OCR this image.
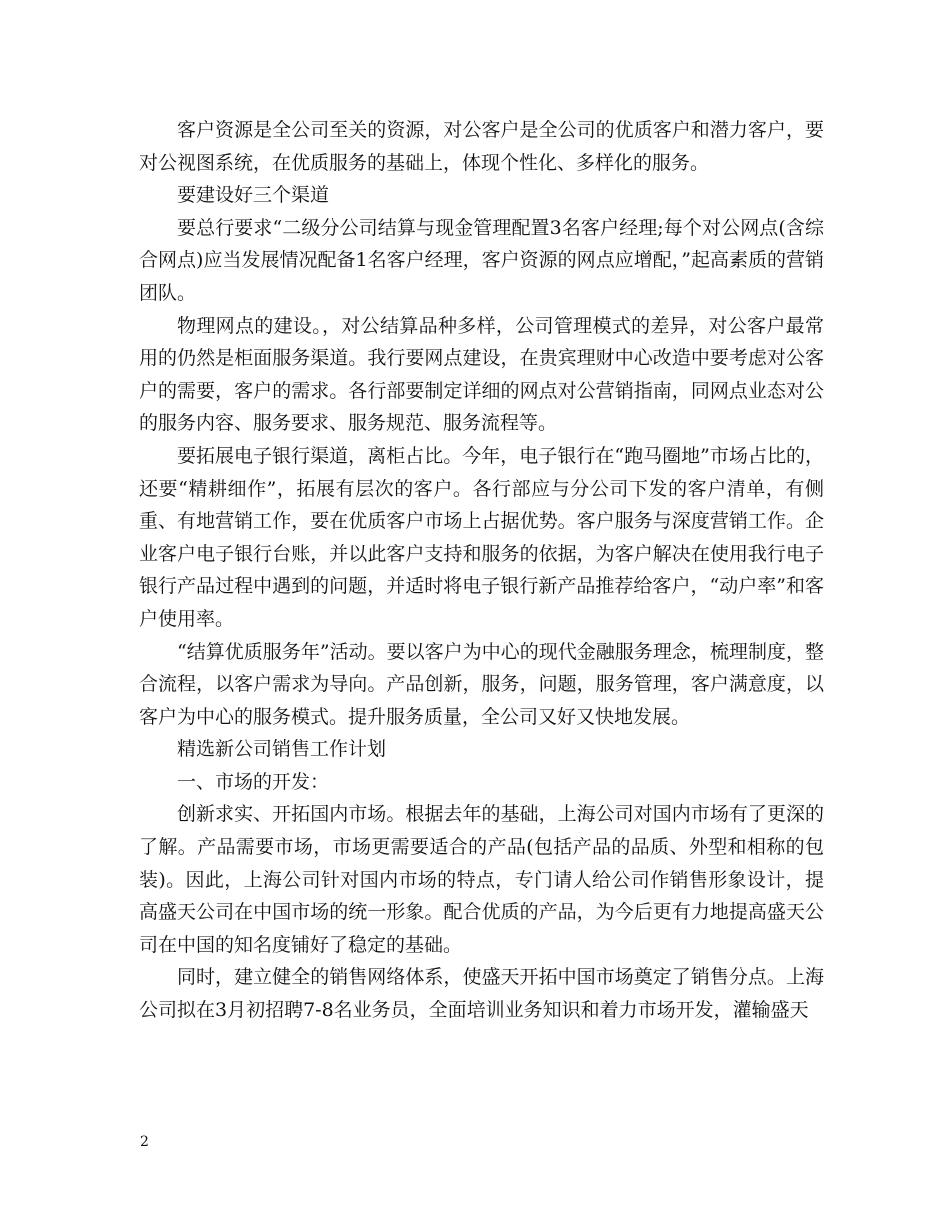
客户资源是全公司至关的资源，对公客户是全公司的优质客户和潜力客户，要对公视图系统，在优质服务的基础上，体现个性化、多样化的服务。

要建设好三个渠道

要总行要求“二级分公司结算与现金管理配置3名客户经理;每个对公网点(含综合网点)应当发展情况配备1名客户经理，客户资源的网点应增配，”起高素质的营销团队。

物理网点的建设。，对公结算品种多样，公司管理模式的差异，对公客户最常用的仍然是柜面服务渠道。我行要网点建设，在贵宾理财中心改造中要考虑对公客户的需要，客户的需求。各行部要制定详细的网点对公营销指南，同网点业态对公的服务内容、服务要求、服务规范、服务流程等。

要拓展电子银行渠道，离柜占比。今年，电子银行在“跑马圈地”市场占比的，还要“精耕细作”，拓展有层次的客户。各行部应与分公司下发的客户清单，有侧重、有地营销工作，要在优质客户市场上占据优势。客户服务与深度营销工作。企业客户电子银行台账，并以此客户支持和服务的依据，为客户解决在使用我行电子银行产品过程中遇到的问题，并适时将电子银行新产品推荐给客户，“动户率”和客户使用率。

“结算优质服务年”活动。要以客户为中心的现代金融服务理念，梳理制度，整合流程，以客户需求为导向。产品创新，服务，问题，服务管理，客户满意度，以客户为中心的服务模式。提升服务质量，全公司又好又快地发展。

精选新公司销售工作计划

一、市场的开发：

创新求实、开拓国内市场。根据去年的基础，上海公司对国内市场有了更深的了解。产品需要市场，市场更需要适合的产品(包括产品的品质、外型和相称的包装)。因此，上海公司针对国内市场的特点，专门请人给公司作销售形象设计，提高盛天公司在中国市场的统一形象。配合优质的产品，为今后更有力地提高盛天公司在中国的知名度铺好了稳定的基础。

同时，建立健全的销售网络体系，使盛天开拓中国市场奠定了销售分点。上海公司拟在3月初招聘7-8名业务员，全面培训业务知识和着力市场开发，灌输盛天

2
